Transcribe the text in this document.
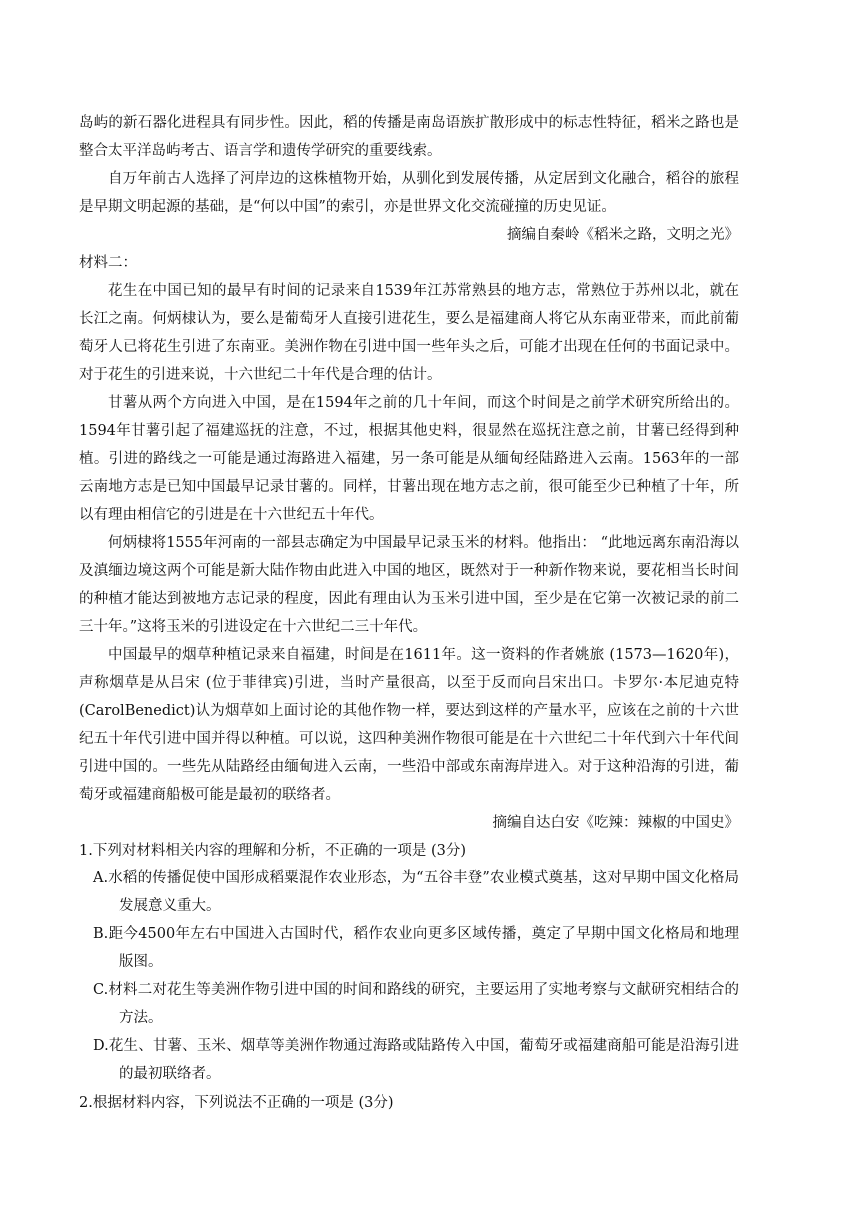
岛屿的新石器化进程具有同步性。因此，稻的传播是南岛语族扩散形成中的标志性特征，稻米之路也是整合太平洋岛屿考古、语言学和遗传学研究的重要线索。

自万年前古人选择了河岸边的这株植物开始，从驯化到发展传播，从定居到文化融合，稻谷的旅程是早期文明起源的基础，是“何以中国”的索引，亦是世界文化交流碰撞的历史见证。

摘编自秦岭《稻米之路，文明之光》

材料二：

花生在中国已知的最早有时间的记录来自1539年江苏常熟县的地方志，常熟位于苏州以北，就在长江之南。何炳棣认为，要么是葡萄牙人直接引进花生，要么是福建商人将它从东南亚带来，而此前葡萄牙人已将花生引进了东南亚。美洲作物在引进中国一些年头之后，可能才出现在任何的书面记录中。对于花生的引进来说，十六世纪二十年代是合理的估计。

甘薯从两个方向进入中国，是在1594年之前的几十年间，而这个时间是之前学术研究所给出的。1594年甘薯引起了福建巡抚的注意，不过，根据其他史料，很显然在巡抚注意之前，甘薯已经得到种植。引进的路线之一可能是通过海路进入福建，另一条可能是从缅甸经陆路进入云南。1563年的一部云南地方志是已知中国最早记录甘薯的。同样，甘薯出现在地方志之前，很可能至少已种植了十年，所以有理由相信它的引进是在十六世纪五十年代。

何炳棣将1555年河南的一部县志确定为中国最早记录玉米的材料。他指出： “此地远离东南沿海以及滇缅边境这两个可能是新大陆作物由此进入中国的地区，既然对于一种新作物来说，要花相当长时间的种植才能达到被地方志记录的程度，因此有理由认为玉米引进中国，至少是在它第一次被记录的前二三十年。”这将玉米的引进设定在十六世纪二三十年代。

中国最早的烟草种植记录来自福建，时间是在1611年。这一资料的作者姚旅 (1573—1620年)，声称烟草是从吕宋 (位于菲律宾)引进，当时产量很高，以至于反而向吕宋出口。卡罗尔·本尼迪克特 (CarolBenedict)认为烟草如上面讨论的其他作物一样，要达到这样的产量水平，应该在之前的十六世纪五十年代引进中国并得以种植。可以说，这四种美洲作物很可能是在十六世纪二十年代到六十年代间引进中国的。一些先从陆路经由缅甸进入云南，一些沿中部或东南海岸进入。对于这种沿海的引进，葡萄牙或福建商船极可能是最初的联络者。

摘编自达白安《吃辣：辣椒的中国史》

1.下列对材料相关内容的理解和分析，不正确的一项是 (3分)

A.水稻的传播促使中国形成稻粟混作农业形态，为“五谷丰登”农业模式奠基，这对早期中国文化格局发展意义重大。

B.距今4500年左右中国进入古国时代，稻作农业向更多区域传播，奠定了早期中国文化格局和地理版图。

C.材料二对花生等美洲作物引进中国的时间和路线的研究，主要运用了实地考察与文献研究相结合的方法。

D.花生、甘薯、玉米、烟草等美洲作物通过海路或陆路传入中国，葡萄牙或福建商船可能是沿海引进的最初联络者。

2.根据材料内容，下列说法不正确的一项是 (3分)
